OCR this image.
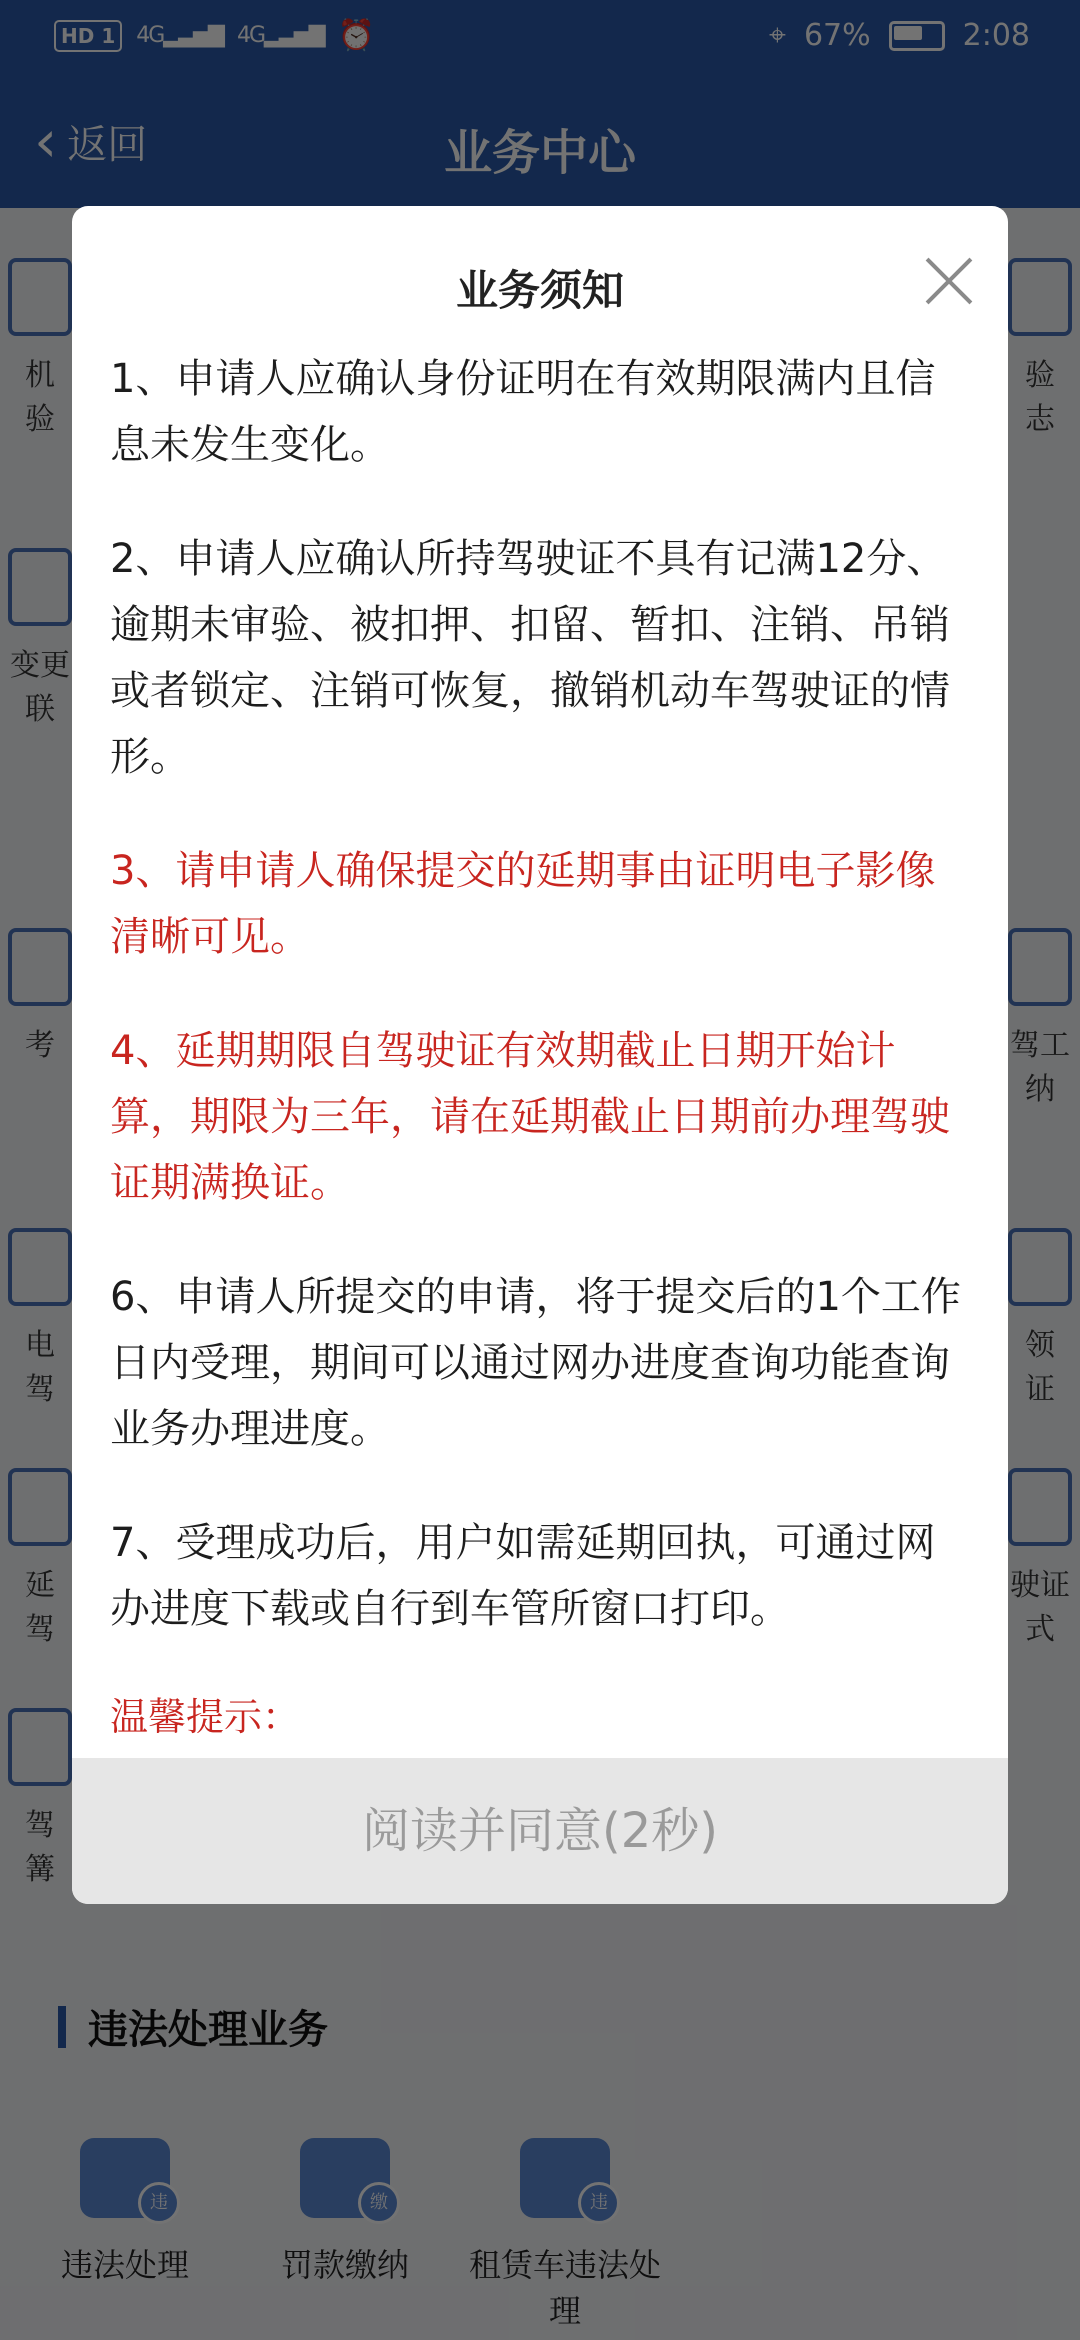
业务须知

1、申请人应确认身份证明在有效期限满内且信息未发生变化。

2、申请人应确认所持驾驶证不具有记满12分、逾期未审验、被扣押、扣留、暂扣、注销、吊销或者锁定、注销可恢复，撤销机动车驾驶证的情形。

3、请申请人确保提交的延期事由证明电子影像清晰可见。

4、延期期限自驾驶证有效期截止日期开始计算，期限为三年，请在延期截止日期前办理驾驶证期满换证。

6、申请人所提交的申请，将于提交后的1个工作日内受理，期间可以通过网办进度查询功能查询业务办理进度。

7、受理成功后，用户如需延期回执，可通过网办进度下载或自行到车管所窗口打印。

温馨提示：
阅读并同意(2秒)
